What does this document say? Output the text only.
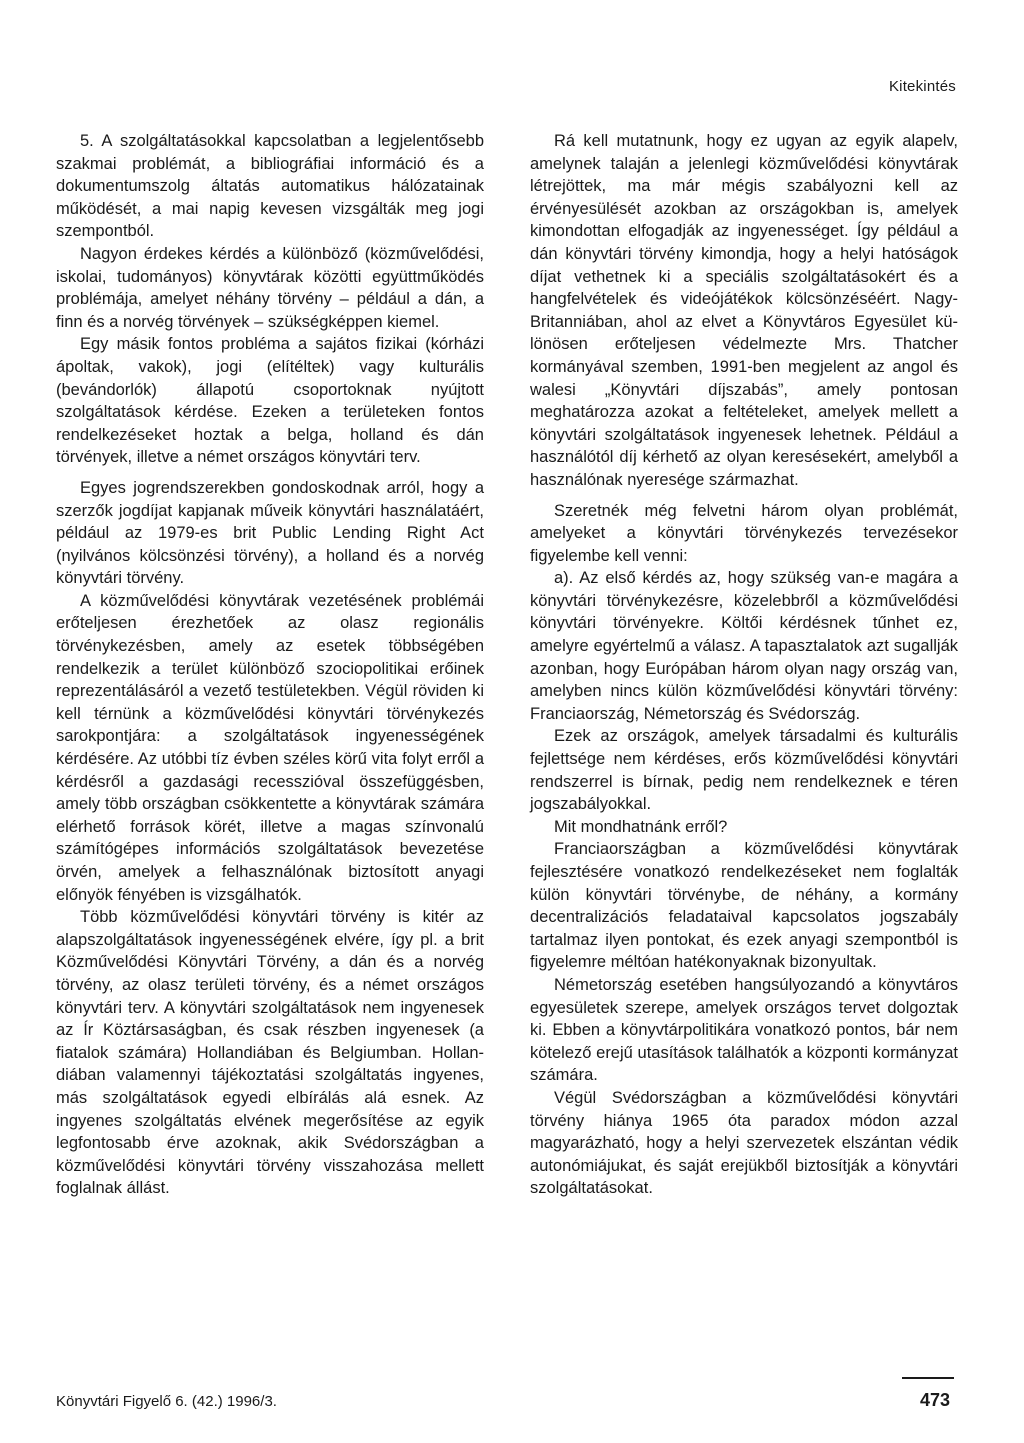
Kitekintés

5. A szolgáltatásokkal kapcsolatban a legjelentősebb szakmai problémát, a bibliográfiai információ és a dokumentumszolg áltatás automatikus hálózatainak működését, a mai napig kevesen vizsgálták meg jogi szempontból.

Nagyon érdekes kérdés a különböző (közművelődési, iskolai, tudományos) könyvtárak közötti együttműködés problémája, amelyet néhány törvény – például a dán, a finn és a norvég törvények – szükségképpen kiemel.

Egy másik fontos probléma a sajátos fizikai (kórházi ápoltak, vakok), jogi (elítéltek) vagy kulturális (bevándorlók) állapotú csoportoknak nyújtott szolgáltatások kérdése. Ezeken a területeken fontos rendelkezéseket hoztak a belga, holland és dán törvények, illetve a német országos könyvtári terv.

Egyes jogrendszerekben gondoskodnak arról, hogy a szerzők jogdíjat kapjanak műveik könyvtári használatáért, például az 1979-es brit Public Lending Right Act (nyilvános kölcsönzési törvény), a holland és a norvég könyvtári törvény.

A közművelődési könyvtárak vezetésének problémái erőteljesen érezhetőek az olasz regionális törvénykezésben, amely az esetek többségében rendelkezik a terület különböző szociopolitikai erőinek reprezentálásáról a vezető testületekben. Végül röviden ki kell térnünk a közművelődési könyvtári törvénykezés sarokpontjára: a szolgáltatások ingyenességének kérdésére. Az utóbbi tíz évben széles körű vita folyt erről a kérdésről a gazdasági recesszióval összefüggésben, amely több országban csökkentette a könyvtárak számára elérhető források körét, illetve a magas színvonalú számítógépes információs szolgáltatások bevezetése örvén, amelyek a felhasználónak biztosított anyagi előnyök fényében is vizsgálhatók.

Több közművelődési könyvtári törvény is kitér az alapszolgáltatások ingyenességének elvére, így pl. a brit Közművelődési Könyvtári Törvény, a dán és a norvég törvény, az olasz területi törvény, és a német országos könyvtári terv. A könyvtári szolgáltatások nem ingyenesek az Ír Köztársaságban, és csak részben ingyenesek (a fiatalok számára) Hollandiában és Belgiumban. Hollandiában valamennyi tájékoztatási szolgáltatás ingyenes, más szolgáltatások egyedi elbírálás alá esnek. Az ingyenes szolgáltatás elvének megerősítése az egyik legfontosabb érve azoknak, akik Svédországban a közművelődési könyvtári törvény visszahozása mellett foglalnak állást.

Rá kell mutatnunk, hogy ez ugyan az egyik alapelv, amelynek talaján a jelenlegi közművelődési könyvtárak létrejöttek, ma már mégis szabályozni kell az érvényesülését azokban az országokban is, amelyek kimondottan elfogadják az ingyenességet. Így például a dán könyvtári törvény kimondja, hogy a helyi hatóságok díjat vethetnek ki a speciális szolgáltatásokért és a hangfelvételek és videójátékok kölcsönzéséért. Nagy-Britanniában, ahol az elvet a Könyvtáros Egyesület különösen erőteljesen védelmezte Mrs. Thatcher kormányával szemben, 1991-ben megjelent az angol és walesi „Könyvtári díjszabás”, amely pontosan meghatározza azokat a feltételeket, amelyek mellett a könyvtári szolgáltatások ingyenesek lehetnek. Például a használótól díj kérhető az olyan keresésekért, amelyből a használónak nyeresége származhat.

Szeretnék még felvetni három olyan problémát, amelyeket a könyvtári törvénykezés tervezésekor figyelembe kell venni:

a). Az első kérdés az, hogy szükség van-e magára a könyvtári törvénykezésre, közelebbről a közművelődési könyvtári törvényekre. Költői kérdésnek tűnhet ez, amelyre egyértelmű a válasz. A tapasztalatok azt sugallják azonban, hogy Európában három olyan nagy ország van, amelyben nincs külön közművelődési könyvtári törvény: Franciaország, Németország és Svédország.

Ezek az országok, amelyek társadalmi és kulturális fejlettsége nem kérdéses, erős közművelődési könyvtári rendszerrel is bírnak, pedig nem rendelkeznek e téren jogszabályokkal.

Mit mondhatnánk erről?

Franciaországban a közművelődési könyvtárak fejlesztésére vonatkozó rendelkezéseket nem foglalták külön könyvtári törvénybe, de néhány, a kormány decentralizációs feladataival kapcsolatos jogszabály tartalmaz ilyen pontokat, és ezek anyagi szempontból is figyelemre méltóan hatékonyaknak bizonyultak.

Németország esetében hangsúlyozandó a könyvtáros egyesületek szerepe, amelyek országos tervet dolgoztak ki. Ebben a könyvtárpolitikára vonatkozó pontos, bár nem kötelező erejű utasítások találhatók a központi kormányzat számára.

Végül Svédországban a közművelődési könyvtári törvény hiánya 1965 óta paradox módon azzal magyarázható, hogy a helyi szervezetek elszántan védik autonómiájukat, és saját erejükből biztosítják a könyvtári szolgáltatásokat.

Könyvtári Figyelő 6. (42.) 1996/3.	473
